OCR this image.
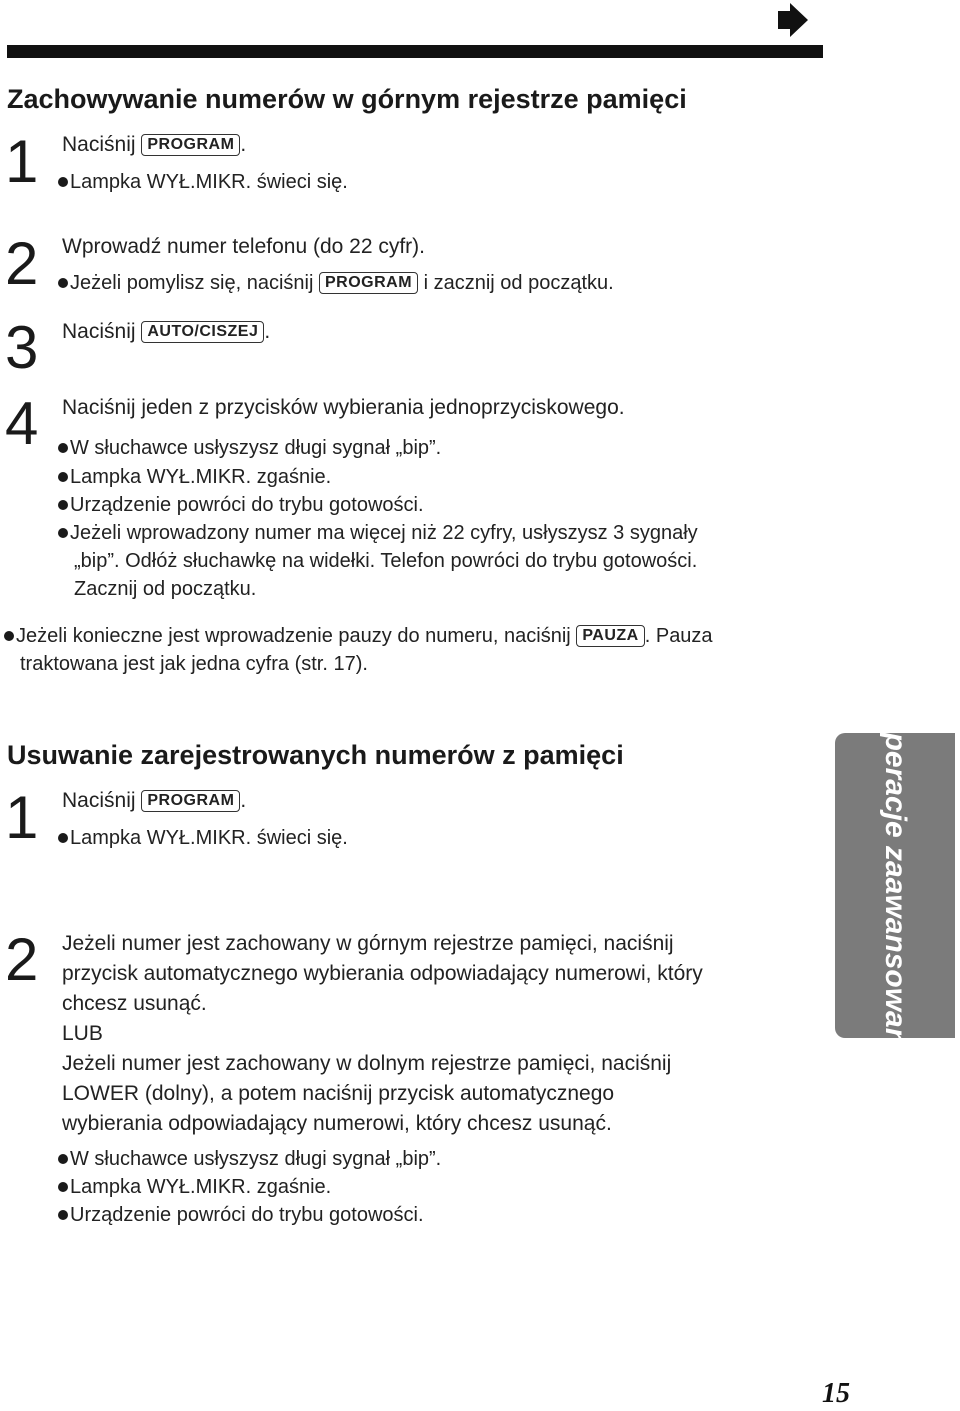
Zachowywanie numerów w górnym rejestrze pamięci
1 Naciśnij PROGRAM .
Lampka WYŁ.MIKR. świeci się.
2 Wprowadź numer telefonu (do 22 cyfr).
Jeżeli pomylisz się, naciśnij PROGRAM i zacznij od początku.
3 Naciśnij AUTO/CISZEJ .
4 Naciśnij jeden z przycisków wybierania jednoprzyciskowego.
W słuchawce usłyszysz długi sygnał „bip”.
Lampka WYŁ.MIKR. zgaśnie.
Urządzenie powróci do trybu gotowości.
Jeżeli wprowadzony numer ma więcej niż 22 cyfry, usłyszysz 3 sygnały
„bip”. Odłóż słuchawkę na widełki. Telefon powróci do trybu gotowości.
Zacznij od początku.
Jeżeli konieczne jest wprowadzenie pauzy do numeru, naciśnij PAUZA . Pauza
traktowana jest jak jedna cyfra (str. 17).
Usuwanie zarejestrowanych numerów z pamięci
1 Naciśnij PROGRAM .
Lampka WYŁ.MIKR. świeci się.
2 Jeżeli numer jest zachowany w górnym rejestrze pamięci, naciśnij
przycisk automatycznego wybierania odpowiadający numerowi, który
chcesz usunąć.
LUB
Jeżeli numer jest zachowany w dolnym rejestrze pamięci, naciśnij
LOWER (dolny), a potem naciśnij przycisk automatycznego
wybierania odpowiadający numerowi, który chcesz usunąć.
W słuchawce usłyszysz długi sygnał „bip”.
Lampka WYŁ.MIKR. zgaśnie.
Urządzenie powróci do trybu gotowości.
Operacje zaawansowane
15
